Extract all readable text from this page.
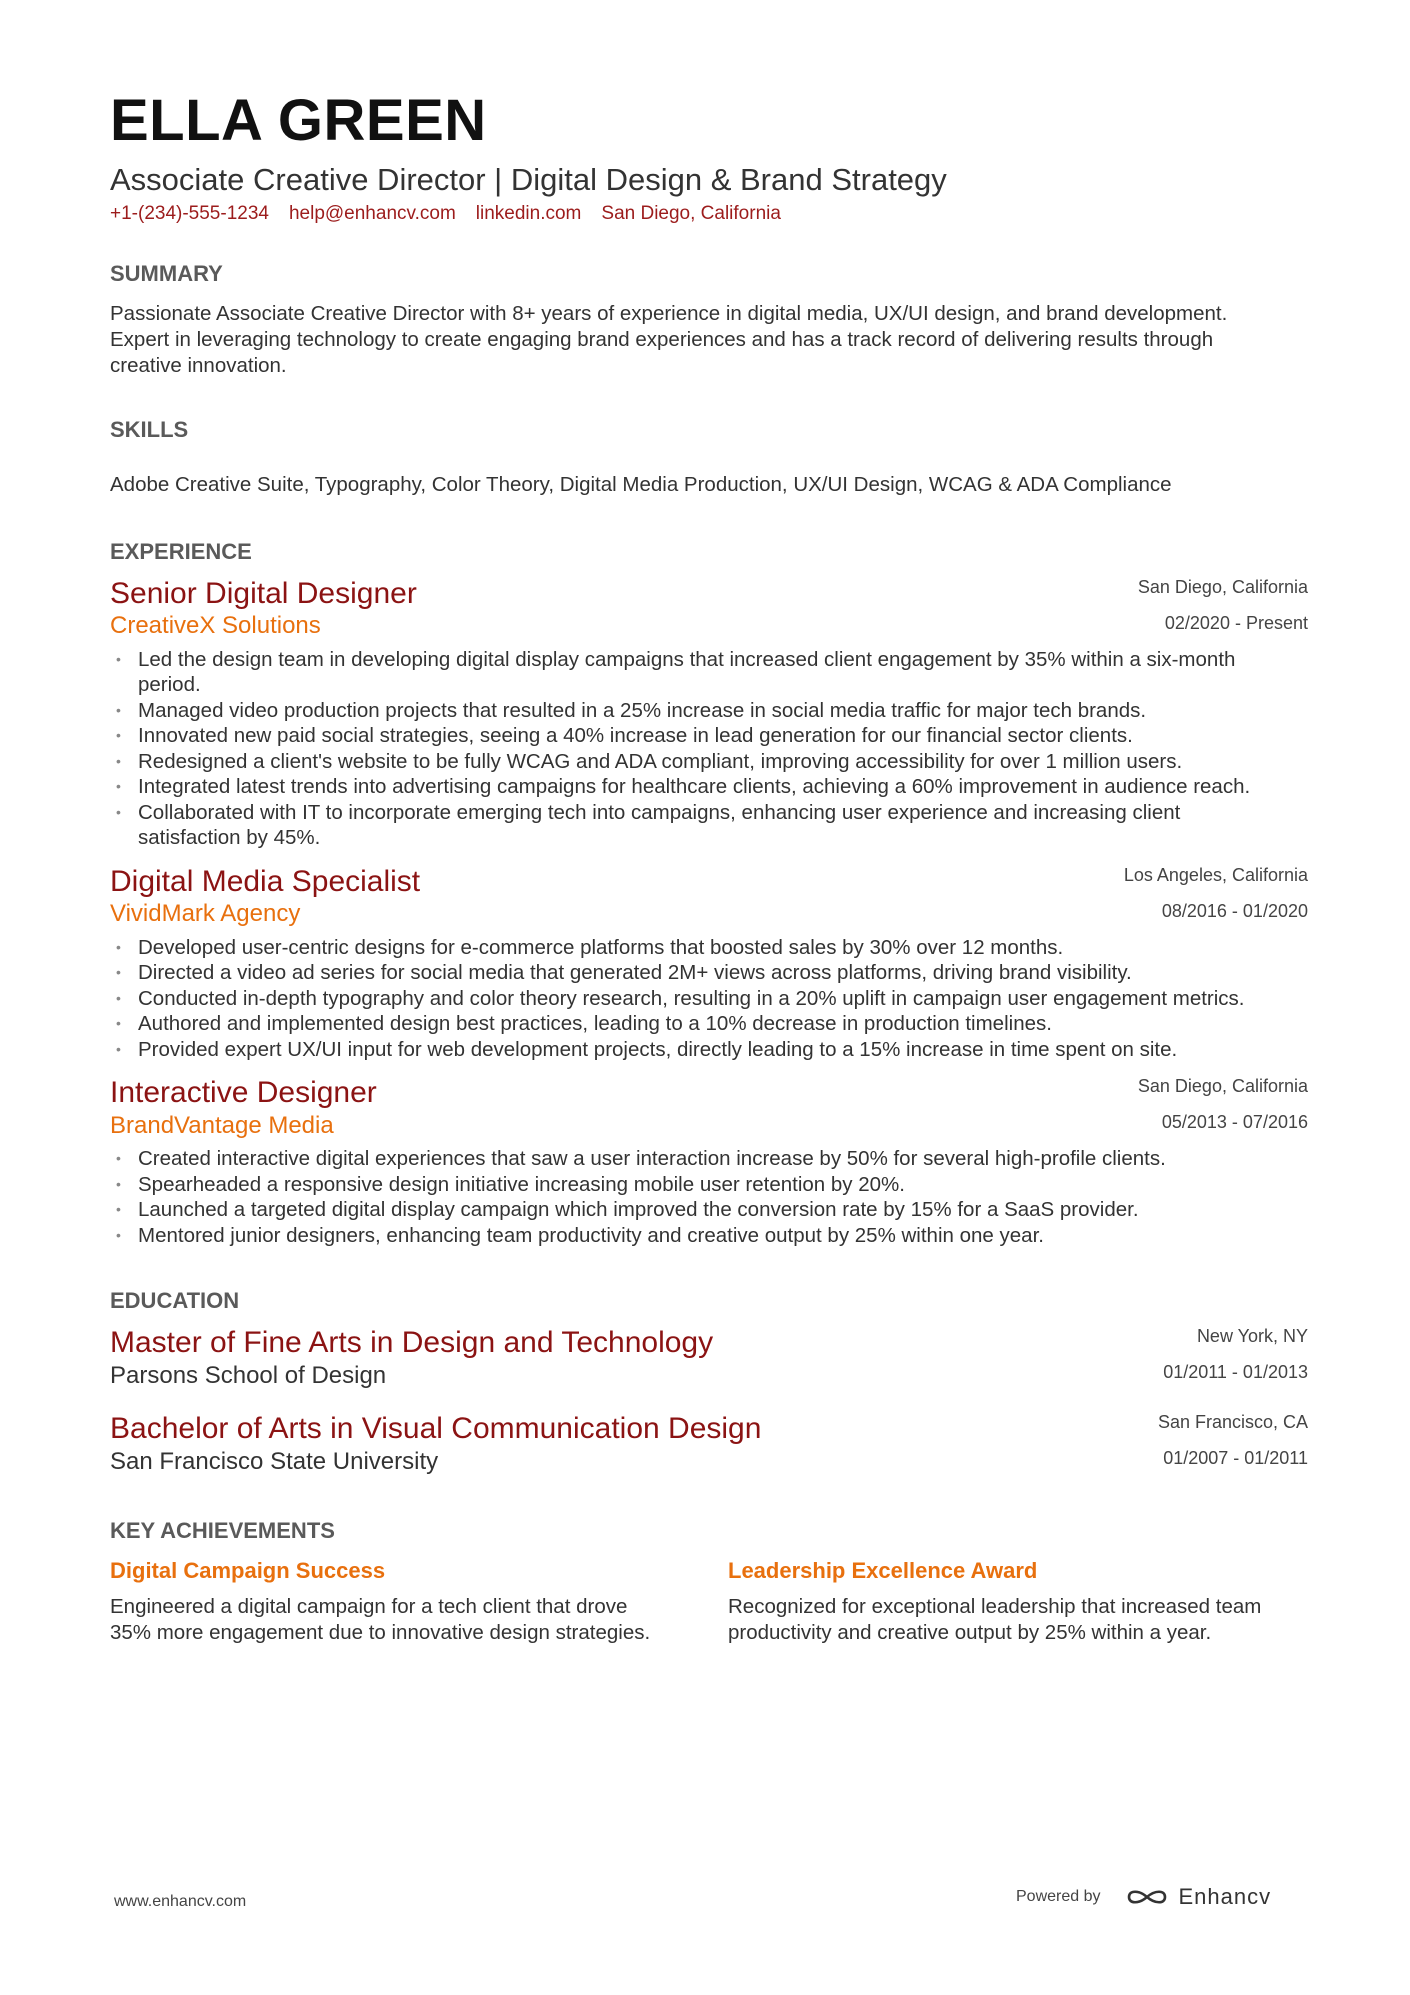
ELLA GREEN
Associate Creative Director | Digital Design & Brand Strategy
+1-(234)-555-1234 help@enhancv.com linkedin.com San Diego, California
SUMMARY
Passionate Associate Creative Director with 8+ years of experience in digital media, UX/UI design, and brand development. Expert in leveraging technology to create engaging brand experiences and has a track record of delivering results through creative innovation.
SKILLS
Adobe Creative Suite, Typography, Color Theory, Digital Media Production, UX/UI Design, WCAG & ADA Compliance
EXPERIENCE
Senior Digital Designer
CreativeX Solutions
San Diego, California
02/2020 - Present
• Led the design team in developing digital display campaigns that increased client engagement by 35% within a six-month period.
• Managed video production projects that resulted in a 25% increase in social media traffic for major tech brands.
• Innovated new paid social strategies, seeing a 40% increase in lead generation for our financial sector clients.
• Redesigned a client's website to be fully WCAG and ADA compliant, improving accessibility for over 1 million users.
• Integrated latest trends into advertising campaigns for healthcare clients, achieving a 60% improvement in audience reach.
• Collaborated with IT to incorporate emerging tech into campaigns, enhancing user experience and increasing client satisfaction by 45%.
Digital Media Specialist
VividMark Agency
Los Angeles, California
08/2016 - 01/2020
• Developed user-centric designs for e-commerce platforms that boosted sales by 30% over 12 months.
• Directed a video ad series for social media that generated 2M+ views across platforms, driving brand visibility.
• Conducted in-depth typography and color theory research, resulting in a 20% uplift in campaign user engagement metrics.
• Authored and implemented design best practices, leading to a 10% decrease in production timelines.
• Provided expert UX/UI input for web development projects, directly leading to a 15% increase in time spent on site.
Interactive Designer
BrandVantage Media
San Diego, California
05/2013 - 07/2016
• Created interactive digital experiences that saw a user interaction increase by 50% for several high-profile clients.
• Spearheaded a responsive design initiative increasing mobile user retention by 20%.
• Launched a targeted digital display campaign which improved the conversion rate by 15% for a SaaS provider.
• Mentored junior designers, enhancing team productivity and creative output by 25% within one year.
EDUCATION
Master of Fine Arts in Design and Technology
Parsons School of Design
New York, NY
01/2011 - 01/2013
Bachelor of Arts in Visual Communication Design
San Francisco State University
San Francisco, CA
01/2007 - 01/2011
KEY ACHIEVEMENTS
Digital Campaign Success
Engineered a digital campaign for a tech client that drove 35% more engagement due to innovative design strategies.
Leadership Excellence Award
Recognized for exceptional leadership that increased team productivity and creative output by 25% within a year.
www.enhancv.com	Powered by	Enhancv
